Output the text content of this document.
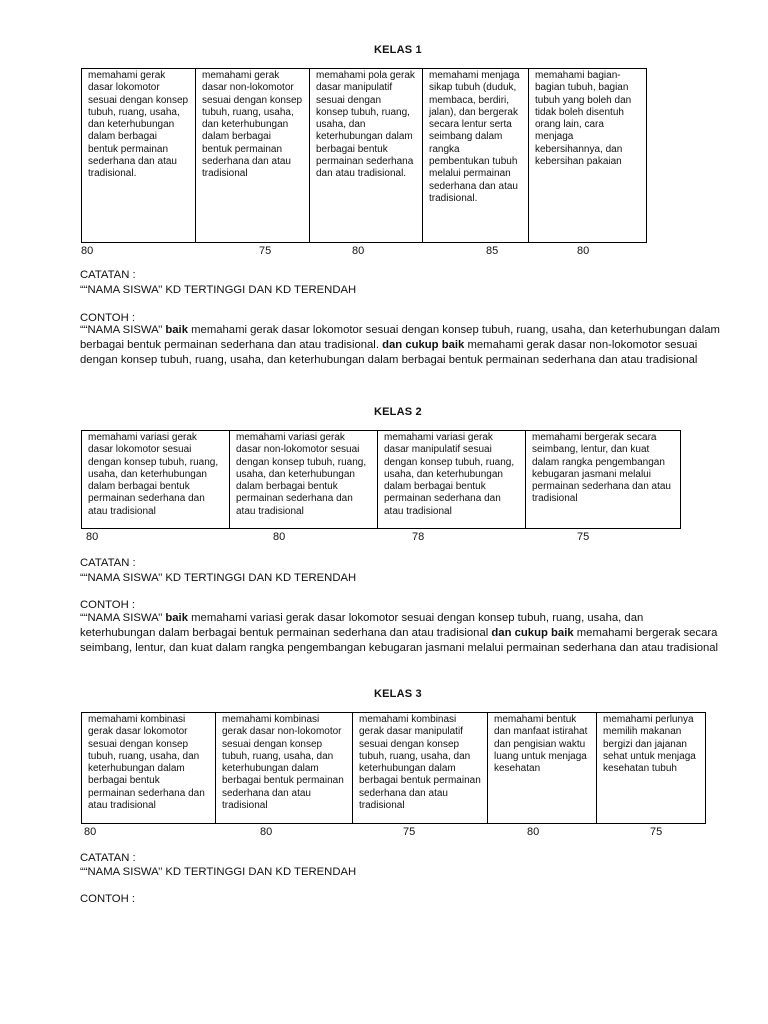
KELAS 1
memahami gerak dasar lokomotor sesuai dengan konsep tubuh, ruang, usaha, dan keterhubungan dalam berbagai bentuk permainan sederhana dan atau tradisional.	memahami gerak dasar non-lokomotor sesuai dengan konsep tubuh, ruang, usaha, dan keterhubungan dalam berbagai bentuk permainan sederhana dan atau tradisional	memahami pola gerak dasar manipulatif sesuai dengan konsep tubuh, ruang, usaha, dan keterhubungan dalam berbagai bentuk permainan sederhana dan atau tradisional.	memahami menjaga sikap tubuh (duduk, membaca, berdiri, jalan), dan bergerak secara lentur serta seimbang dalam rangka pembentukan tubuh melalui permainan sederhana dan atau tradisional.	memahami bagian-bagian tubuh, bagian tubuh yang boleh dan tidak boleh disentuh orang lain, cara menjaga kebersihannya, dan kebersihan pakaian
80	75	80	85	80
CATATAN :
““NAMA SISWA’’ KD TERTINGGI DAN KD TERENDAH
CONTOH :
““NAMA SISWA’’ baik memahami gerak dasar lokomotor sesuai dengan konsep tubuh, ruang, usaha, dan keterhubungan dalam berbagai bentuk permainan sederhana dan atau tradisional. dan cukup baik memahami gerak dasar non-lokomotor sesuai dengan konsep tubuh, ruang, usaha, dan keterhubungan dalam berbagai bentuk permainan sederhana dan atau tradisional
KELAS 2
memahami variasi gerak dasar lokomotor sesuai dengan konsep tubuh, ruang, usaha, dan keterhubungan dalam berbagai bentuk permainan sederhana dan atau tradisional	memahami variasi gerak dasar non-lokomotor sesuai dengan konsep tubuh, ruang, usaha, dan keterhubungan dalam berbagai bentuk permainan sederhana dan atau tradisional	memahami variasi gerak dasar manipulatif sesuai dengan konsep tubuh, ruang, usaha, dan keterhubungan dalam berbagai bentuk permainan sederhana dan atau tradisional	memahami bergerak secara seimbang, lentur, dan kuat dalam rangka pengembangan kebugaran jasmani melalui permainan sederhana dan atau tradisional
80	80	78	75
CATATAN :
““NAMA SISWA’’ KD TERTINGGI DAN KD TERENDAH
CONTOH :
““NAMA SISWA’’ baik memahami variasi gerak dasar lokomotor sesuai dengan konsep tubuh, ruang, usaha, dan keterhubungan dalam berbagai bentuk permainan sederhana dan atau tradisional dan cukup baik memahami bergerak secara seimbang, lentur, dan kuat dalam rangka pengembangan kebugaran jasmani melalui permainan sederhana dan atau tradisional
KELAS 3
memahami kombinasi gerak dasar lokomotor sesuai dengan konsep tubuh, ruang, usaha, dan keterhubungan dalam berbagai bentuk permainan sederhana dan atau tradisional	memahami kombinasi gerak dasar non-lokomotor sesuai dengan konsep tubuh, ruang, usaha, dan keterhubungan dalam berbagai bentuk permainan sederhana dan atau tradisional	memahami kombinasi gerak dasar manipulatif sesuai dengan konsep tubuh, ruang, usaha, dan keterhubungan dalam berbagai bentuk permainan sederhana dan atau tradisional	memahami bentuk dan manfaat istirahat dan pengisian waktu luang untuk menjaga kesehatan	memahami perlunya memilih makanan bergizi dan jajanan sehat untuk menjaga kesehatan tubuh
80	80	75	80	75
CATATAN :
““NAMA SISWA’’ KD TERTINGGI DAN KD TERENDAH
CONTOH :
